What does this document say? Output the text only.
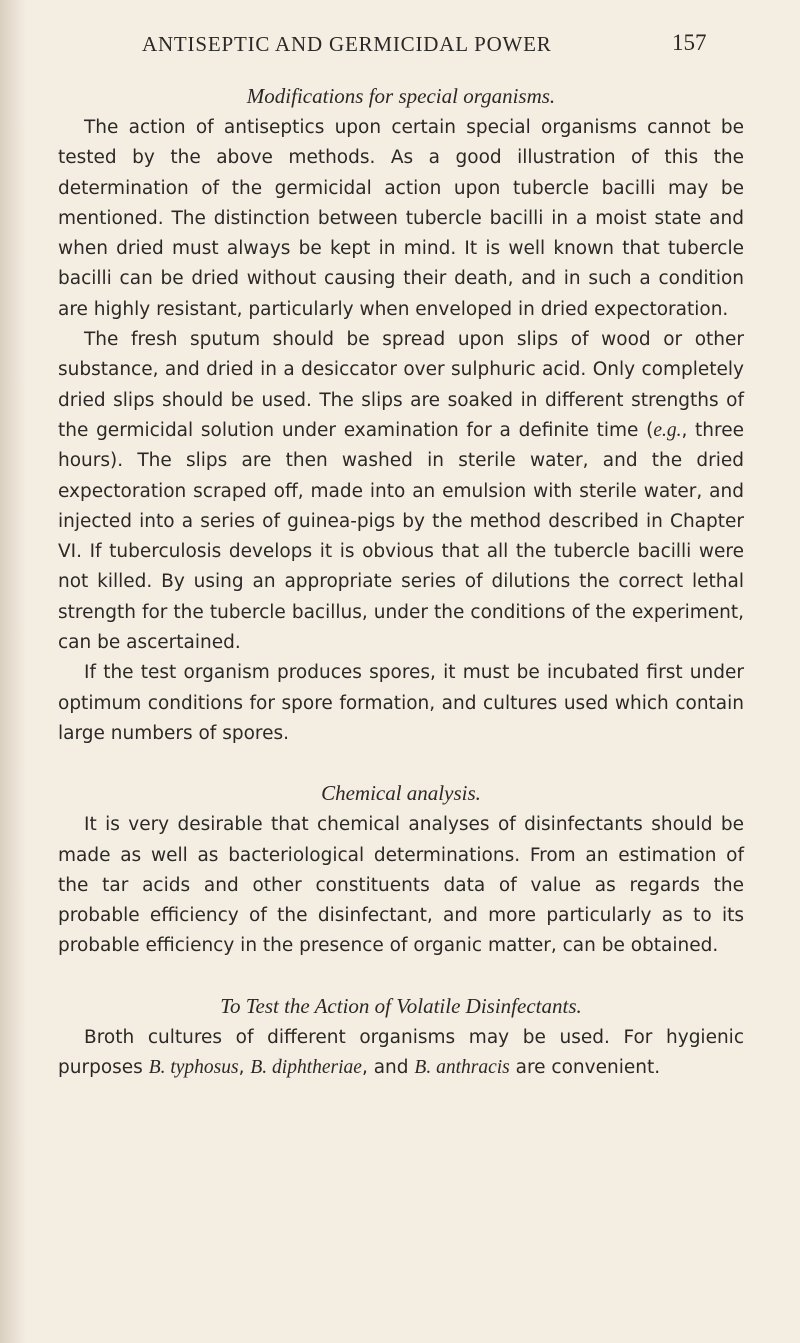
ANTISEPTIC AND GERMICIDAL POWER	157
Modifications for special organisms.

The action of antiseptics upon certain special organisms cannot be tested by the above methods. As a good illustration of this the determination of the germicidal action upon tubercle bacilli may be mentioned. The distinction between tubercle bacilli in a moist state and when dried must always be kept in mind. It is well known that tubercle bacilli can be dried without causing their death, and in such a condition are highly resistant, particularly when enveloped in dried expectoration.

The fresh sputum should be spread upon slips of wood or other substance, and dried in a desiccator over sulphuric acid. Only completely dried slips should be used. The slips are soaked in different strengths of the germicidal solution under examination for a definite time (e.g., three hours). The slips are then washed in sterile water, and the dried expectoration scraped off, made into an emulsion with sterile water, and injected into a series of guinea-pigs by the method described in Chapter VI. If tuberculosis develops it is obvious that all the tubercle bacilli were not killed. By using an appropriate series of dilutions the correct lethal strength for the tubercle bacillus, under the conditions of the experiment, can be ascertained.

If the test organism produces spores, it must be incubated first under optimum conditions for spore formation, and cultures used which contain large numbers of spores.

Chemical analysis.

It is very desirable that chemical analyses of disinfectants should be made as well as bacteriological determinations. From an estimation of the tar acids and other constituents data of value as regards the probable efficiency of the disinfectant, and more particularly as to its probable efficiency in the presence of organic matter, can be obtained.

To Test the Action of Volatile Disinfectants.

Broth cultures of different organisms may be used. For hygienic purposes B. typhosus, B. diphtheriae, and B. anthracis are convenient.
